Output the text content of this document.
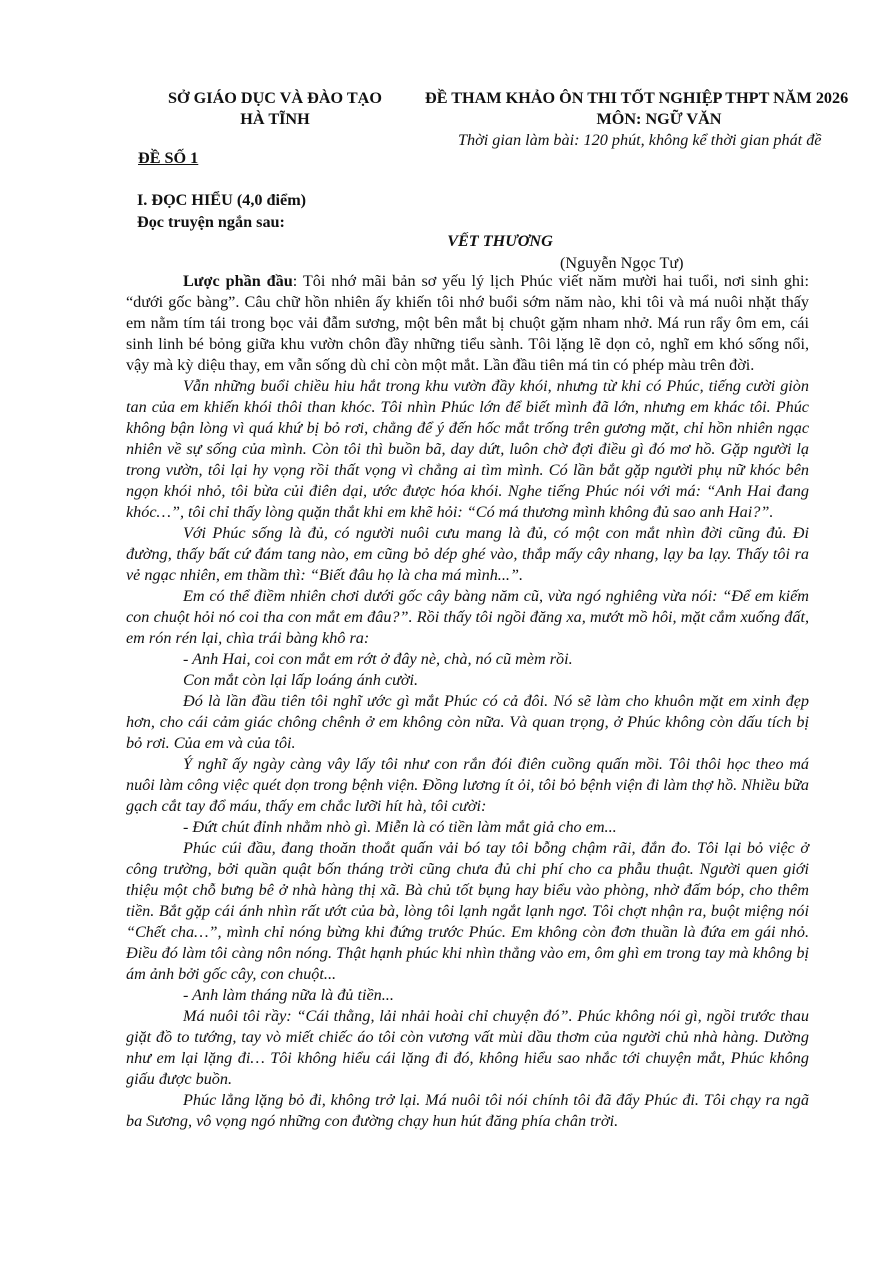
SỞ GIÁO DỤC VÀ ĐÀO TẠO
HÀ TĨNH
ĐỀ THAM KHẢO ÔN THI TỐT NGHIỆP THPT NĂM 2026
MÔN: NGỮ VĂN
Thời gian làm bài: 120 phút, không kể thời gian phát đề
ĐỀ SỐ 1
I. ĐỌC HIỂU (4,0 điểm)
Đọc truyện ngắn sau:
VẾT THƯƠNG
(Nguyễn Ngọc Tư)

Lược phần đầu: Tôi nhớ mãi bản sơ yếu lý lịch Phúc viết năm mười hai tuổi, nơi sinh ghi: “dưới gốc bàng”. Câu chữ hồn nhiên ấy khiến tôi nhớ buổi sớm năm nào, khi tôi và má nuôi nhặt thấy em nằm tím tái trong bọc vải đẫm sương, một bên mắt bị chuột gặm nham nhở. Má run rẩy ôm em, cái sinh linh bé bỏng giữa khu vườn chôn đầy những tiểu sành. Tôi lặng lẽ dọn cỏ, nghĩ em khó sống nổi, vậy mà kỳ diệu thay, em vẫn sống dù chỉ còn một mắt. Lần đầu tiên má tin có phép màu trên đời.

Vẫn những buổi chiều hiu hắt trong khu vườn đầy khói, nhưng từ khi có Phúc, tiếng cười giòn tan của em khiến khói thôi than khóc. Tôi nhìn Phúc lớn để biết mình đã lớn, nhưng em khác tôi. Phúc không bận lòng vì quá khứ bị bỏ rơi, chẳng để ý đến hốc mắt trống trên gương mặt, chỉ hồn nhiên ngạc nhiên về sự sống của mình. Còn tôi thì buồn bã, day dứt, luôn chờ đợi điều gì đó mơ hồ. Gặp người lạ trong vườn, tôi lại hy vọng rồi thất vọng vì chẳng ai tìm mình. Có lần bắt gặp người phụ nữ khóc bên ngọn khói nhỏ, tôi bừa củi điên dại, ước được hóa khói. Nghe tiếng Phúc nói với má: “Anh Hai đang khóc…”, tôi chỉ thấy lòng quặn thắt khi em khẽ hỏi: “Có má thương mình không đủ sao anh Hai?”.

Với Phúc sống là đủ, có người nuôi cưu mang là đủ, có một con mắt nhìn đời cũng đủ. Đi đường, thấy bất cứ đám tang nào, em cũng bỏ dép ghé vào, thắp mấy cây nhang, lạy ba lạy. Thấy tôi ra vẻ ngạc nhiên, em thầm thì: “Biết đâu họ là cha má mình...”.

Em có thể điềm nhiên chơi dưới gốc cây bàng năm cũ, vừa ngó nghiêng vừa nói: “Để em kiếm con chuột hỏi nó coi tha con mắt em đâu?”. Rồi thấy tôi ngồi đăng xa, mướt mồ hôi, mặt cắm xuống đất, em rón rén lại, chìa trái bàng khô ra:

- Anh Hai, coi con mắt em rớt ở đây nè, chà, nó cũ mèm rồi.

Con mắt còn lại lấp loáng ánh cười.

Đó là lần đầu tiên tôi nghĩ ước gì mắt Phúc có cả đôi. Nó sẽ làm cho khuôn mặt em xinh đẹp hơn, cho cái cảm giác chông chênh ở em không còn nữa. Và quan trọng, ở Phúc không còn dấu tích bị bỏ rơi. Của em và của tôi.

Ý nghĩ ấy ngày càng vây lấy tôi như con rắn đói điên cuồng quấn mồi. Tôi thôi học theo má nuôi làm công việc quét dọn trong bệnh viện. Đồng lương ít ỏi, tôi bỏ bệnh viện đi làm thợ hồ. Nhiều bữa gạch cắt tay đổ máu, thấy em chắc lưỡi hít hà, tôi cười:

- Đứt chút đỉnh nhằm nhò gì. Miễn là có tiền làm mắt giả cho em...

Phúc cúi đầu, đang thoăn thoắt quấn vải bó tay tôi bỗng chậm rãi, đắn đo. Tôi lại bỏ việc ở công trường, bởi quần quật bốn tháng trời cũng chưa đủ chi phí cho ca phẫu thuật. Người quen giới thiệu một chỗ bưng bê ở nhà hàng thị xã. Bà chủ tốt bụng hay biểu vào phòng, nhờ đấm bóp, cho thêm tiền. Bắt gặp cái ánh nhìn rất ướt của bà, lòng tôi lạnh ngắt lạnh ngơ. Tôi chợt nhận ra, buột miệng nói “Chết cha…”, mình chỉ nóng bừng khi đứng trước Phúc. Em không còn đơn thuần là đứa em gái nhỏ. Điều đó làm tôi càng nôn nóng. Thật hạnh phúc khi nhìn thẳng vào em, ôm ghì em trong tay mà không bị ám ảnh bởi gốc cây, con chuột...

- Anh làm tháng nữa là đủ tiền...

Má nuôi tôi rầy: “Cái thằng, lải nhải hoài chỉ chuyện đó”. Phúc không nói gì, ngồi trước thau giặt đồ to tướng, tay vò miết chiếc áo tôi còn vương vất mùi dầu thơm của người chủ nhà hàng. Dường như em lại lặng đi… Tôi không hiểu cái lặng đi đó, không hiểu sao nhắc tới chuyện mắt, Phúc không giấu được buồn.

Phúc lẳng lặng bỏ đi, không trở lại. Má nuôi tôi nói chính tôi đã đẩy Phúc đi. Tôi chạy ra ngã ba Sương, vô vọng ngó những con đường chạy hun hút đăng phía chân trời.
